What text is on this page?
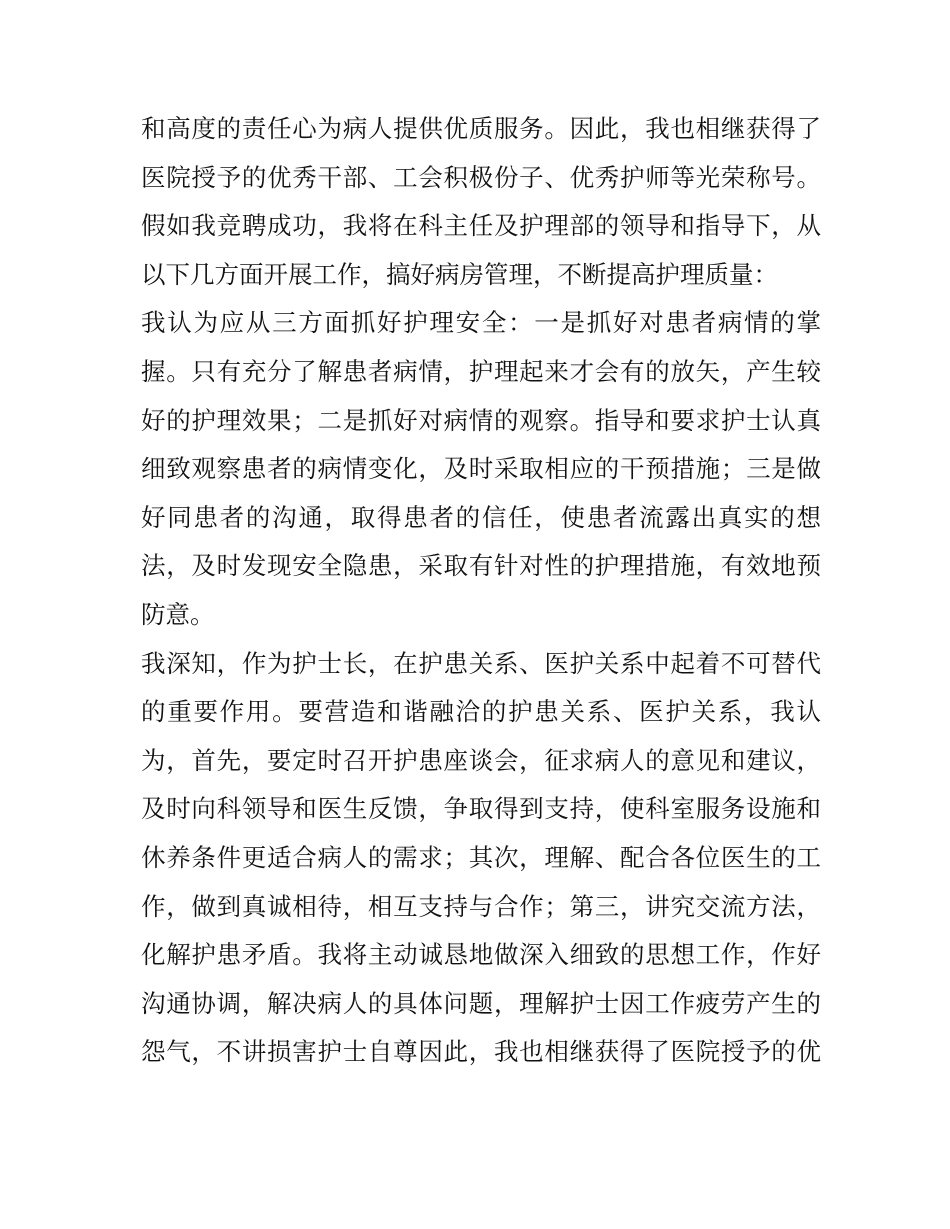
和高度的责任心为病人提供优质服务。因此，我也相继获得了
医院授予的优秀干部、工会积极份子、优秀护师等光荣称号。
假如我竞聘成功，我将在科主任及护理部的领导和指导下，从
以下几方面开展工作，搞好病房管理，不断提高护理质量：
我认为应从三方面抓好护理安全：一是抓好对患者病情的掌
握。只有充分了解患者病情，护理起来才会有的放矢，产生较
好的护理效果；二是抓好对病情的观察。指导和要求护士认真
细致观察患者的病情变化，及时采取相应的干预措施；三是做
好同患者的沟通，取得患者的信任，使患者流露出真实的想
法，及时发现安全隐患，采取有针对性的护理措施，有效地预
防意。
我深知，作为护士长，在护患关系、医护关系中起着不可替代
的重要作用。要营造和谐融洽的护患关系、医护关系，我认
为，首先，要定时召开护患座谈会，征求病人的意见和建议，
及时向科领导和医生反馈，争取得到支持，使科室服务设施和
休养条件更适合病人的需求；其次，理解、配合各位医生的工
作，做到真诚相待，相互支持与合作；第三，讲究交流方法，
化解护患矛盾。我将主动诚恳地做深入细致的思想工作，作好
沟通协调，解决病人的具体问题，理解护士因工作疲劳产生的
怨气，不讲损害护士自尊因此，我也相继获得了医院授予的优
